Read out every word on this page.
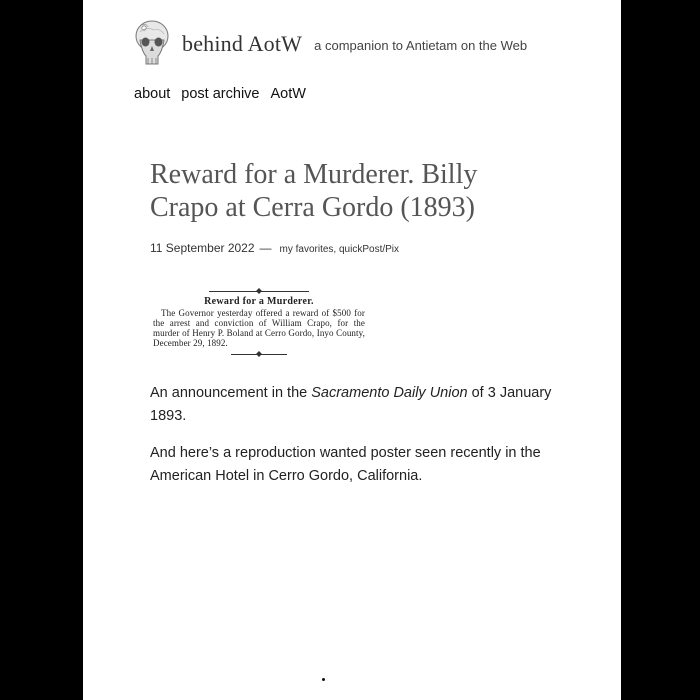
behind AotW a companion to Antietam on the Web
about post archive AotW
Reward for a Murderer. Billy Crapo at Cerra Gordo (1893)
11 September 2022 — my favorites, quickPost/Pix
Reward for a Murderer.
The Governor yesterday offered a reward of $500 for the arrest and conviction of William Crapo, for the murder of Henry P. Boland at Cerro Gordo, Inyo County, December 29, 1892.

An announcement in the Sacramento Daily Union of 3 January 1893.

And here’s a reproduction wanted poster seen recently in the American Hotel in Cerro Gordo, California.
